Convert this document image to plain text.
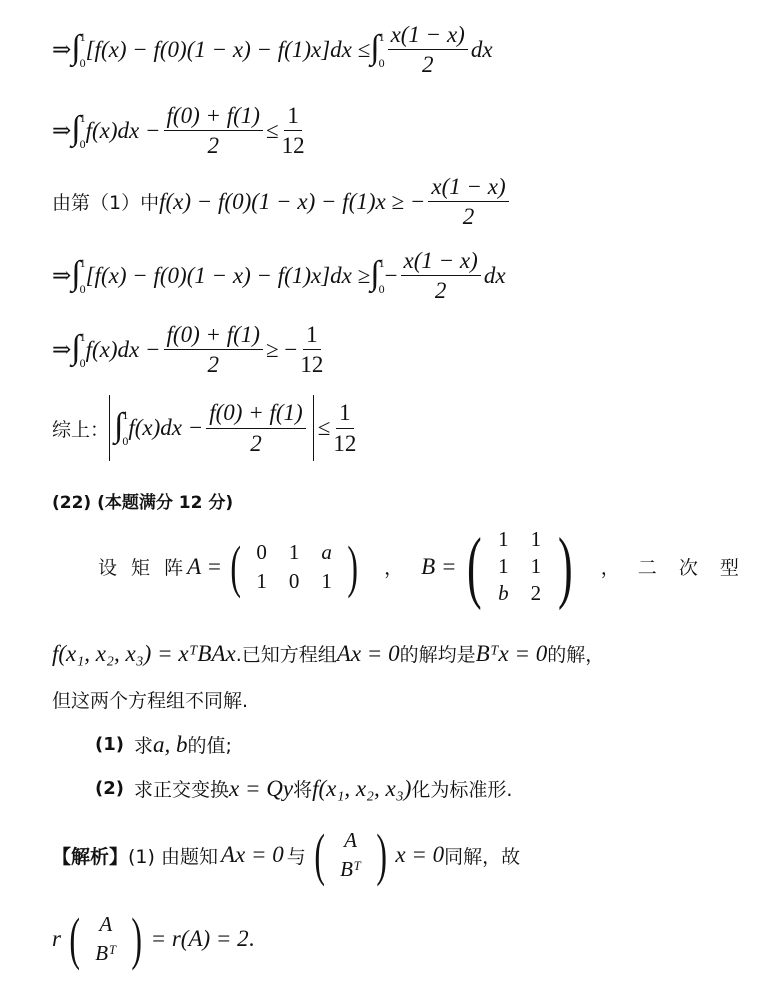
⇒ ∫ 1
0
[f(x) − f(0)(1 − x) − f(1)x]dx ≤ ∫ 1
$0 \frac{x(1 - x)}{2}$ dx
⇒ ∫ 1
0
$f(x)dx - \frac{f(0) + f(1)}{2} \le \frac{1}{12}$
由第（1）中 f(x) − f(0)(1 − x) − f(1)x ≥ − $\frac{x(1 - x)}{2}$
⇒ ∫ 1
0
[f(x) − f(0)(1 − x) − f(1)x]dx ≥ ∫ 1
0
− $\frac{x(1 - x)}{2}$ dx
⇒ ∫ 1
0
$f(x)dx - \frac{f(0) + f(1)}{2}$ ≥ − $\frac{1}{12}$
综上： ∫ 1
0
$f(x)dx - \frac{f(0) + f(1)}{2} \le \frac{1}{12}$
(22) (本题满分 12 分)
设 矩 阵 A = ( 0	1	a
1	0	1 ) ， B = ( 1	1
1	1
b	2 ) ， 二 次 型
f(x₁, x₂, x₃) = xᵀBAx .已知方程组 Ax = 0 的解均是 Bᵀx = 0 的解，
但这两个方程组不同解.
(1) 求 a, b 的值;
(2) 求正交变换 x = Qy 将 f(x₁, x₂, x₃) 化为标准形.
【解析】 (1) 由题知 Ax = 0 与 ( A
Bᵀ ) x = 0 同解，故
r ( A
Bᵀ ) = r(A) = 2 .
